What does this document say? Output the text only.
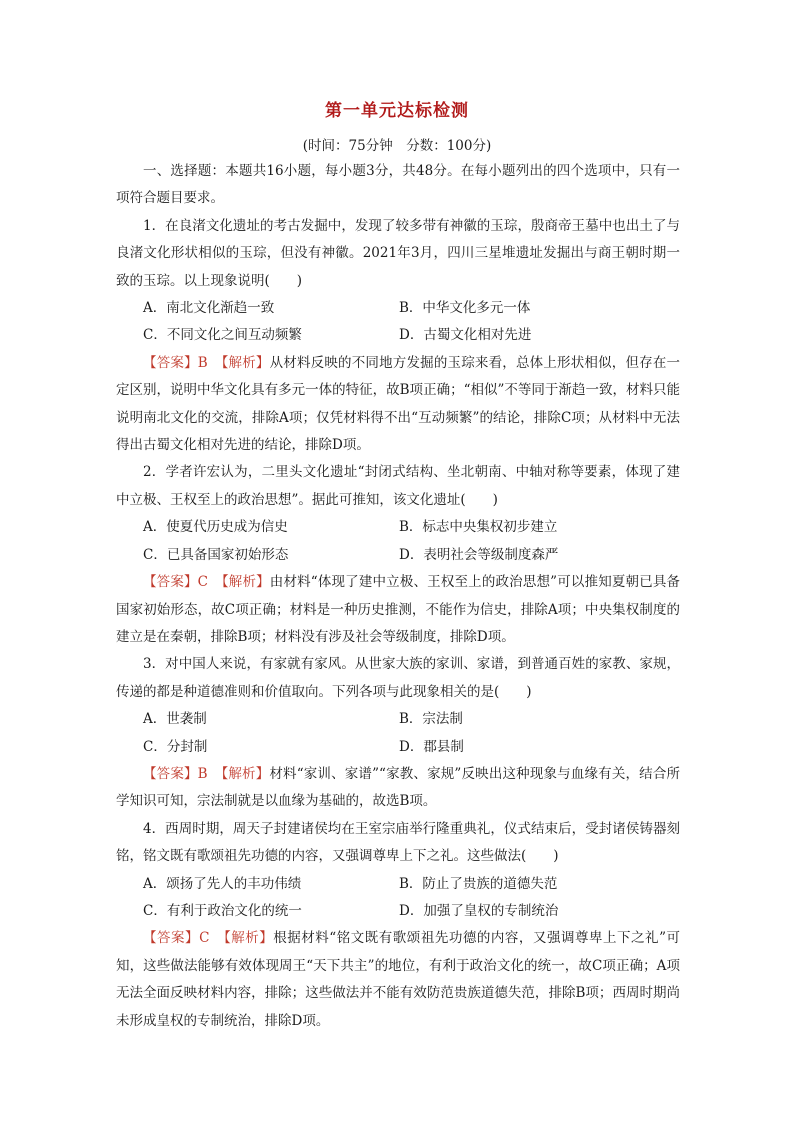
第一单元达标检测
(时间：75分钟　分数：100分)

一、选择题：本题共16小题，每小题3分，共48分。在每小题列出的四个选项中，只有一项符合题目要求。

1．在良渚文化遗址的考古发掘中，发现了较多带有神徽的玉琮，殷商帝王墓中也出土了与良渚文化形状相似的玉琮，但没有神徽。2021年3月，四川三星堆遗址发掘出与商王朝时期一致的玉琮。以上现象说明(　　)

A．南北文化渐趋一致	B．中华文化多元一体
C．不同文化之间互动频繁	D．古蜀文化相对先进

【答案】B　 【解析】从材料反映的不同地方发掘的玉琮来看，总体上形状相似，但存在一定区别，说明中华文化具有多元一体的特征，故B项正确；“相似”不等同于渐趋一致，材料只能说明南北文化的交流，排除A项；仅凭材料得不出“互动频繁”的结论，排除C项；从材料中无法得出古蜀文化相对先进的结论，排除D项。

2．学者许宏认为，二里头文化遗址“封闭式结构、坐北朝南、中轴对称等要素，体现了建中立极、王权至上的政治思想”。据此可推知，该文化遗址(　　)

A．使夏代历史成为信史	B．标志中央集权初步建立
C．已具备国家初始形态	D．表明社会等级制度森严

【答案】C　 【解析】由材料“体现了建中立极、王权至上的政治思想”可以推知夏朝已具备国家初始形态，故C项正确；材料是一种历史推测，不能作为信史，排除A项；中央集权制度的建立是在秦朝，排除B项；材料没有涉及社会等级制度，排除D项。

3．对中国人来说，有家就有家风。从世家大族的家训、家谱，到普通百姓的家教、家规，传递的都是种道德准则和价值取向。下列各项与此现象相关的是(　　)

A．世袭制	B．宗法制
C．分封制	D．郡县制

【答案】B　 【解析】材料“家训、家谱”“家教、家规”反映出这种现象与血缘有关，结合所学知识可知，宗法制就是以血缘为基础的，故选B项。

4．西周时期，周天子封建诸侯均在王室宗庙举行隆重典礼，仪式结束后，受封诸侯铸器刻铭，铭文既有歌颂祖先功德的内容，又强调尊卑上下之礼。这些做法(　　)

A．颂扬了先人的丰功伟绩	B．防止了贵族的道德失范
C．有利于政治文化的统一	D．加强了皇权的专制统治

【答案】C　 【解析】根据材料“铭文既有歌颂祖先功德的内容，又强调尊卑上下之礼”可知，这些做法能够有效体现周王“天下共主”的地位，有利于政治文化的统一，故C项正确；A项无法全面反映材料内容，排除；这些做法并不能有效防范贵族道德失范，排除B项；西周时期尚未形成皇权的专制统治，排除D项。
